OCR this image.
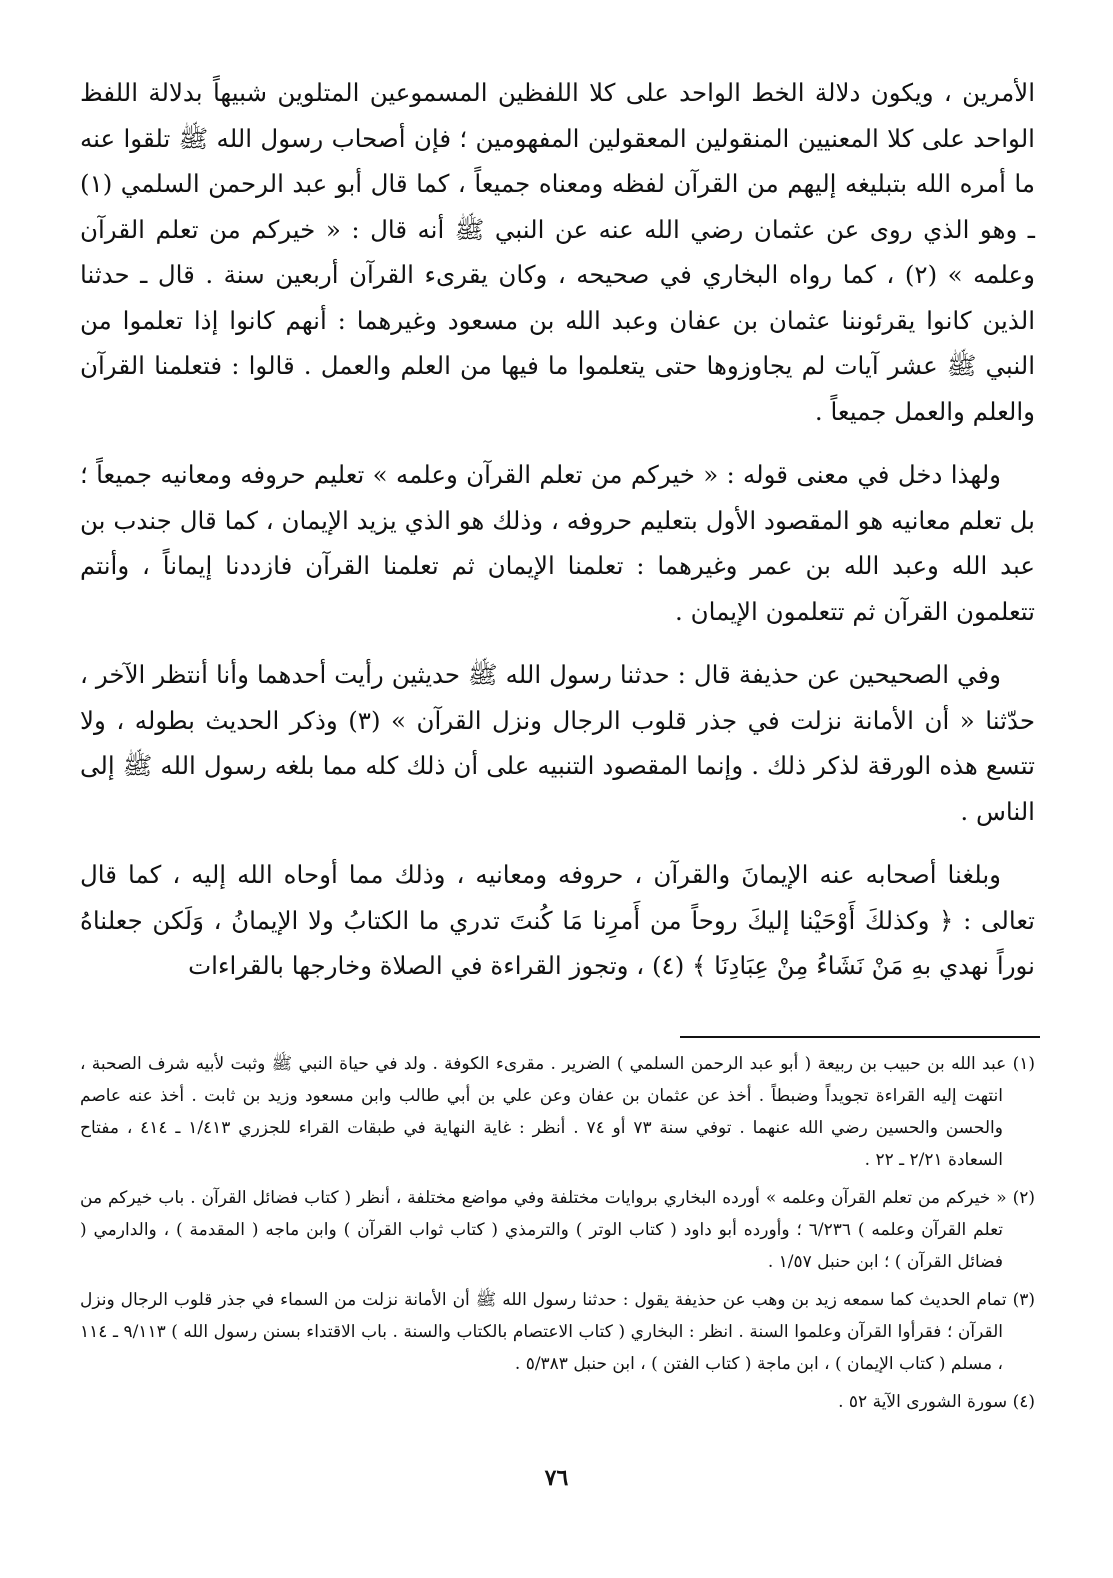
الأمرين ، ويكون دلالة الخط الواحد على كلا اللفظين المسموعين المتلوين شبيهاً بدلالة اللفظ الواحد على كلا المعنيين المنقولين المعقولين المفهومين ؛ فإن أصحاب رسول الله ﷺ تلقوا عنه ما أمره الله بتبليغه إليهم من القرآن لفظه ومعناه جميعاً ، كما قال أبو عبد الرحمن السلمي (١) ـ وهو الذي روى عن عثمان رضي الله عنه عن النبي ﷺ أنه قال : « خيركم من تعلم القرآن وعلمه » (٢) ، كما رواه البخاري في صحيحه ، وكان يقرىء القرآن أربعين سنة . قال ـ حدثنا الذين كانوا يقرئوننا عثمان بن عفان وعبد الله بن مسعود وغيرهما : أنهم كانوا إذا تعلموا من النبي ﷺ عشر آيات لم يجاوزوها حتى يتعلموا ما فيها من العلم والعمل . قالوا : فتعلمنا القرآن والعلم والعمل جميعاً .

ولهذا دخل في معنى قوله : « خيركم من تعلم القرآن وعلمه » تعليم حروفه ومعانيه جميعاً ؛ بل تعلم معانيه هو المقصود الأول بتعليم حروفه ، وذلك هو الذي يزيد الإيمان ، كما قال جندب بن عبد الله وعبد الله بن عمر وغيرهما : تعلمنا الإيمان ثم تعلمنا القرآن فازددنا إيماناً ، وأنتم تتعلمون القرآن ثم تتعلمون الإيمان .

وفي الصحيحين عن حذيفة قال : حدثنا رسول الله ﷺ حديثين رأيت أحدهما وأنا أنتظر الآخر ، حدّثنا « أن الأمانة نزلت في جذر قلوب الرجال ونزل القرآن » (٣) وذكر الحديث بطوله ، ولا تتسع هذه الورقة لذكر ذلك . وإنما المقصود التنبيه على أن ذلك كله مما بلغه رسول الله ﷺ إلى الناس .

وبلغنا أصحابه عنه الإيمانَ والقرآن ، حروفه ومعانيه ، وذلك مما أوحاه الله إليه ، كما قال تعالى : ﴿ وكذلكَ أَوْحَيْنا إليكَ روحاً من أَمرِنا مَا كُنتَ تدري ما الكتابُ ولا الإيمانُ ، وَلَكن جعلناهُ نوراً نهدي بهِ مَنْ نَشَاءُ مِنْ عِبَادِنَا ﴾ (٤) ، وتجوز القراءة في الصلاة وخارجها بالقراءات

(١) عبد الله بن حبيب بن ربيعة ( أبو عبد الرحمن السلمي ) الضرير . مقرىء الكوفة . ولد في حياة النبي ﷺ وثبت لأبيه شرف الصحبة ، انتهت إليه القراءة تجويداً وضبطاً . أخذ عن عثمان بن عفان وعن علي بن أبي طالب وابن مسعود وزيد بن ثابت . أخذ عنه عاصم والحسن والحسين رضي الله عنهما . توفي سنة ٧٣ أو ٧٤ . أنظر : غاية النهاية في طبقات القراء للجزري ١/٤١٣ ـ ٤١٤ ، مفتاح السعادة ٢/٢١ ـ ٢٢ .

(٢) « خيركم من تعلم القرآن وعلمه » أورده البخاري بروايات مختلفة وفي مواضع مختلفة ، أنظر ( كتاب فضائل القرآن . باب خيركم من تعلم القرآن وعلمه ) ٦/٢٣٦ ؛ وأورده أبو داود ( كتاب الوتر ) والترمذي ( كتاب ثواب القرآن ) وابن ماجه ( المقدمة ) ، والدارمي ( فضائل القرآن ) ؛ ابن حنبل ١/٥٧ .

(٣) تمام الحديث كما سمعه زيد بن وهب عن حذيفة يقول : حدثنا رسول الله ﷺ أن الأمانة نزلت من السماء في جذر قلوب الرجال ونزل القرآن ؛ فقرأوا القرآن وعلموا السنة . انظر : البخاري ( كتاب الاعتصام بالكتاب والسنة . باب الاقتداء بسنن رسول الله ) ٩/١١٣ ـ ١١٤ ، مسلم ( كتاب الإيمان ) ، ابن ماجة ( كتاب الفتن ) ، ابن حنبل ٥/٣٨٣ .

(٤) سورة الشورى الآية ٥٢ .

٧٦
